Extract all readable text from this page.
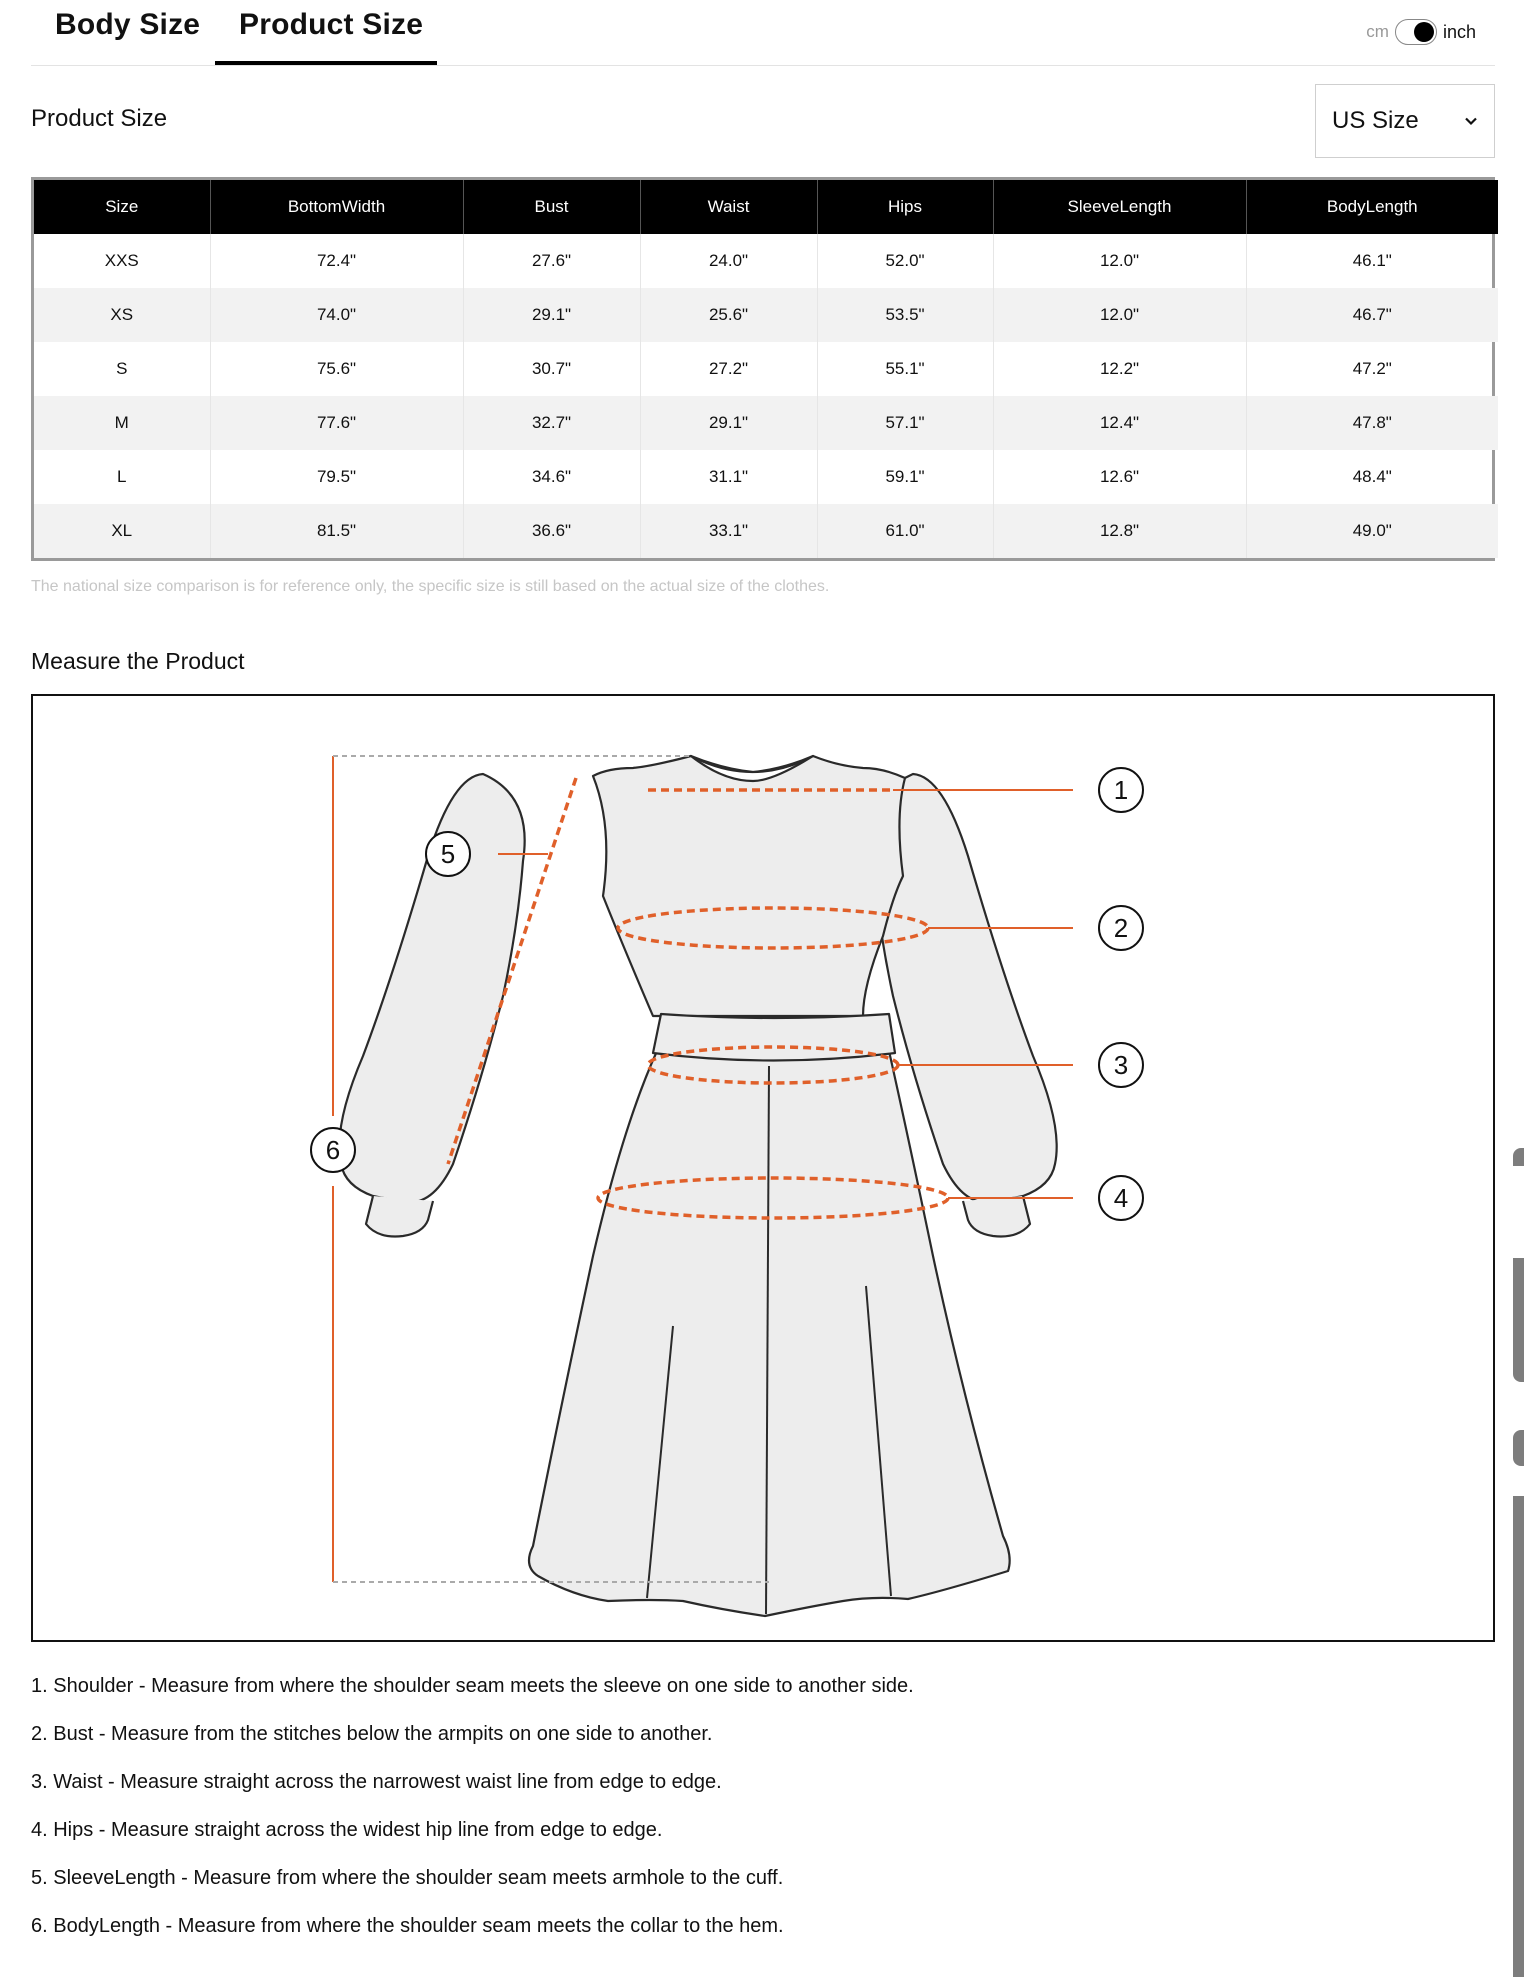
Body Size Product Size	cm	inch
Product Size	US Size
Size	BottomWidth	Bust	Waist	Hips	SleeveLength	BodyLength
XXS	72.4"	27.6"	24.0"	52.0"	12.0"	46.1"
XS	74.0"	29.1"	25.6"	53.5"	12.0"	46.7"
S	75.6"	30.7"	27.2"	55.1"	12.2"	47.2"
M	77.6"	32.7"	29.1"	57.1"	12.4"	47.8"
L	79.5"	34.6"	31.1"	59.1"	12.6"	48.4"
XL	81.5"	36.6"	33.1"	61.0"	12.8"	49.0"
The national size comparison is for reference only, the specific size is still based on the actual size of the clothes.
Measure the Product
1
2
3
4
5
6
1. Shoulder - Measure from where the shoulder seam meets the sleeve on one side to another side.
2. Bust - Measure from the stitches below the armpits on one side to another.
3. Waist - Measure straight across the narrowest waist line from edge to edge.
4. Hips - Measure straight across the widest hip line from edge to edge.
5. SleeveLength - Measure from where the shoulder seam meets armhole to the cuff.
6. BodyLength - Measure from where the shoulder seam meets the collar to the hem.
